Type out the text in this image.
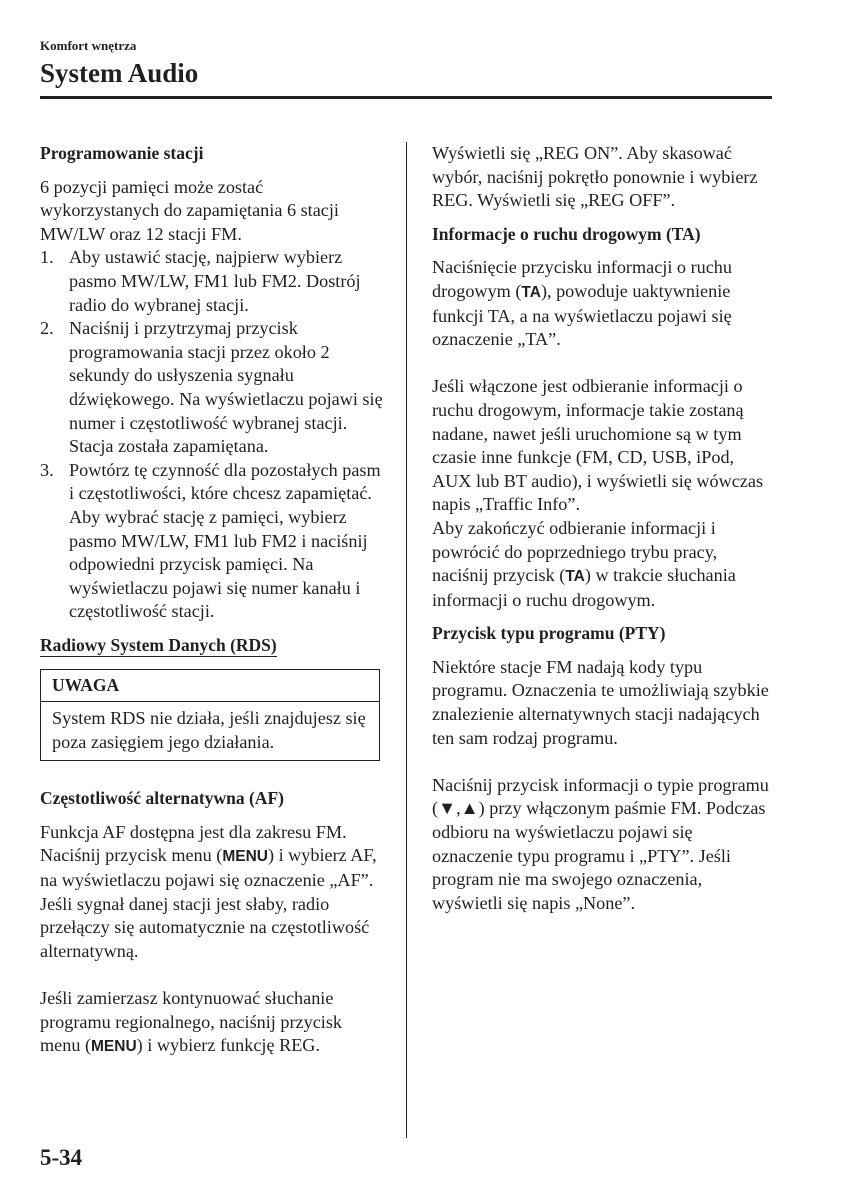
Komfort wnętrza
System Audio

Programowanie stacji

6 pozycji pamięci może zostać wykorzystanych do zapamiętania 6 stacji MW/LW oraz 12 stacji FM.

1. Aby ustawić stację, najpierw wybierz pasmo MW/LW, FM1 lub FM2. Dostrój radio do wybranej stacji.
2. Naciśnij i przytrzymaj przycisk programowania stacji przez około 2 sekundy do usłyszenia sygnału dźwiękowego. Na wyświetlaczu pojawi się numer i częstotliwość wybranej stacji. Stacja została zapamiętana.
3. Powtórz tę czynność dla pozostałych pasm i częstotliwości, które chcesz zapamiętać. Aby wybrać stację z pamięci, wybierz pasmo MW/LW, FM1 lub FM2 i naciśnij odpowiedni przycisk pamięci. Na wyświetlaczu pojawi się numer kanału i częstotliwość stacji.

Radiowy System Danych (RDS)

UWAGA
System RDS nie działa, jeśli znajdujesz się poza zasięgiem jego działania.

Częstotliwość alternatywna (AF)

Funkcja AF dostępna jest dla zakresu FM. Naciśnij przycisk menu (MENU) i wybierz AF, na wyświetlaczu pojawi się oznaczenie „AF”. Jeśli sygnał danej stacji jest słaby, radio przełączy się automatycznie na częstotliwość alternatywną.

Jeśli zamierzasz kontynuować słuchanie programu regionalnego, naciśnij przycisk menu (MENU) i wybierz funkcję REG.

Wyświetli się „REG ON”. Aby skasować wybór, naciśnij pokrętło ponownie i wybierz REG. Wyświetli się „REG OFF”.

Informacje o ruchu drogowym (TA)

Naciśnięcie przycisku informacji o ruchu drogowym (TA), powoduje uaktywnienie funkcji TA, a na wyświetlaczu pojawi się oznaczenie „TA”.

Jeśli włączone jest odbieranie informacji o ruchu drogowym, informacje takie zostaną nadane, nawet jeśli uruchomione są w tym czasie inne funkcje (FM, CD, USB, iPod, AUX lub BT audio), i wyświetli się wówczas napis „Traffic Info”.

Aby zakończyć odbieranie informacji i powrócić do poprzedniego trybu pracy, naciśnij przycisk (TA) w trakcie słuchania informacji o ruchu drogowym.

Przycisk typu programu (PTY)

Niektóre stacje FM nadają kody typu programu. Oznaczenia te umożliwiają szybkie znalezienie alternatywnych stacji nadających ten sam rodzaj programu.

Naciśnij przycisk informacji o typie programu (▼,▲) przy włączonym paśmie FM. Podczas odbioru na wyświetlaczu pojawi się oznaczenie typu programu i „PTY”. Jeśli program nie ma swojego oznaczenia, wyświetli się napis „None”.

5-34
